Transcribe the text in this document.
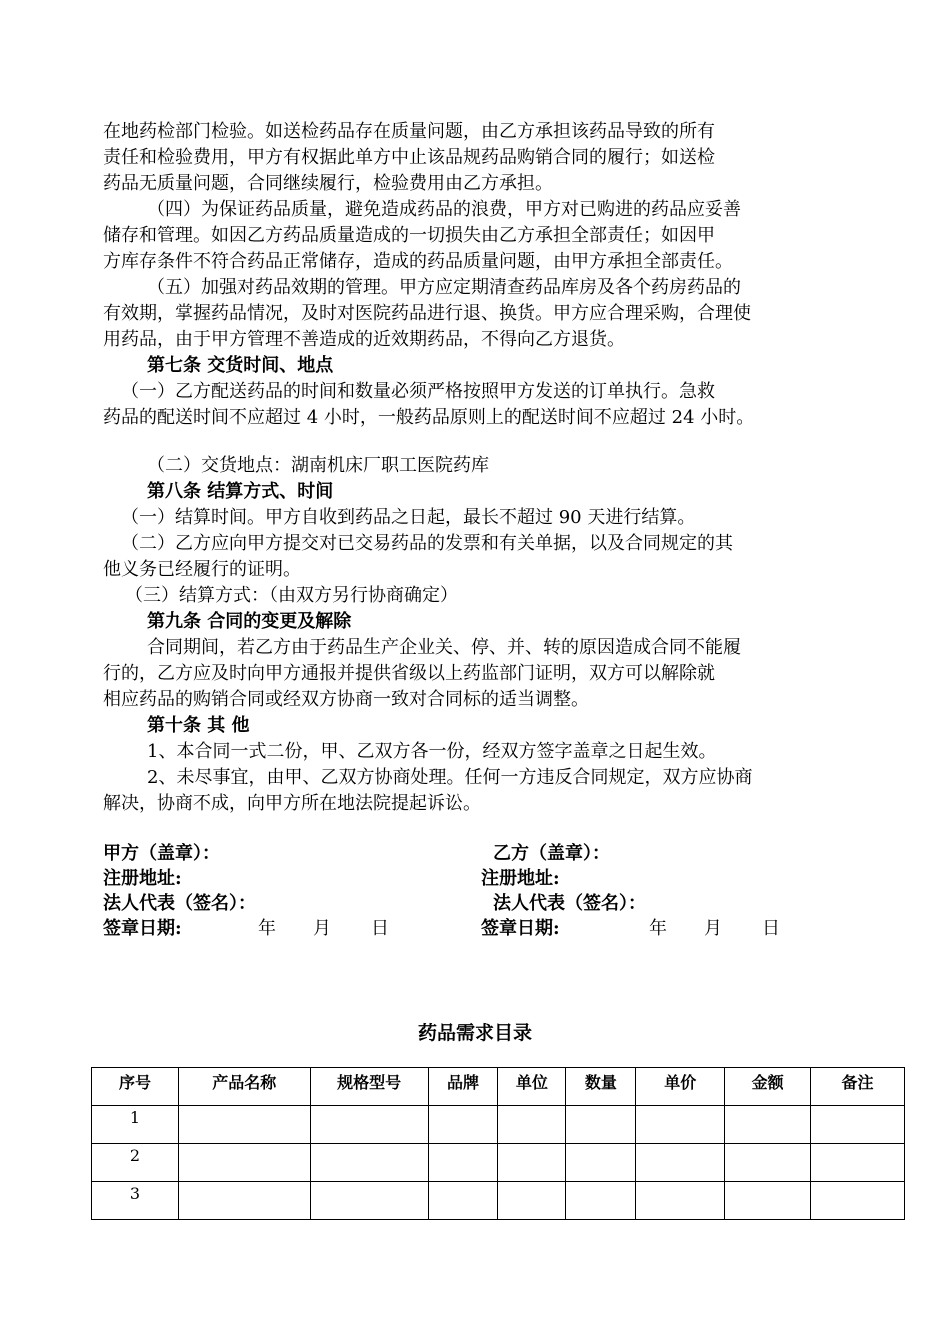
在地药检部门检验。如送检药品存在质量问题，由乙方承担该药品导致的所有
责任和检验费用，甲方有权据此单方中止该品规药品购销合同的履行；如送检
药品无质量问题，合同继续履行，检验费用由乙方承担。
（四）为保证药品质量，避免造成药品的浪费，甲方对已购进的药品应妥善
储存和管理。如因乙方药品质量造成的一切损失由乙方承担全部责任；如因甲
方库存条件不符合药品正常储存，造成的药品质量问题，由甲方承担全部责任。
（五）加强对药品效期的管理。甲方应定期清查药品库房及各个药房药品的
有效期，掌握药品情况，及时对医院药品进行退、换货。甲方应合理采购，合理使
用药品，由于甲方管理不善造成的近效期药品，不得向乙方退货。
第七条 交货时间、地点
（一）乙方配送药品的时间和数量必须严格按照甲方发送的订单执行。急救
药品的配送时间不应超过 4 小时，一般药品原则上的配送时间不应超过 24 小时。
（二）交货地点：湖南机床厂职工医院药库
第八条 结算方式、时间
（一）结算时间。甲方自收到药品之日起，最长不超过 90 天进行结算。
（二）乙方应向甲方提交对已交易药品的发票和有关单据，以及合同规定的其
他义务已经履行的证明。
（三）结算方式：（由双方另行协商确定）
第九条 合同的变更及解除
合同期间，若乙方由于药品生产企业关、停、并、转的原因造成合同不能履
行的，乙方应及时向甲方通报并提供省级以上药监部门证明，双方可以解除就
相应药品的购销合同或经双方协商一致对合同标的适当调整。
第十条 其 他
1、本合同一式二份，甲、乙双方各一份，经双方签字盖章之日起生效。
2、未尽事宜，由甲、乙双方协商处理。任何一方违反合同规定，双方应协商
解决，协商不成，向甲方所在地法院提起诉讼。
甲方（盖章）：	乙方（盖章）：
注册地址:	注册地址:
法人代表（签名）：	法人代表（签名）：
签章日期:	年 月 日	签章日期:	年 月 日
药品需求目录
序号	产品名称	规格型号	品牌	单位	数量	单价	金额	备注
1								
2								
3								
